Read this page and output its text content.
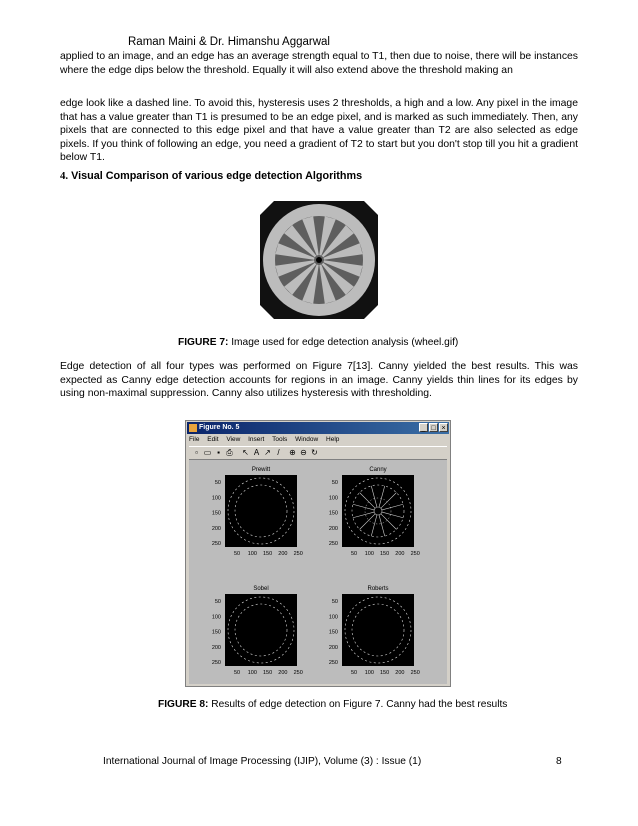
Raman Maini & Dr. Himanshu Aggarwal
applied to an image, and an edge has an average strength equal to T1, then due to noise, there will be instances where the edge dips below the threshold. Equally it will also extend above the threshold making an
edge look like a dashed line. To avoid this, hysteresis uses 2 thresholds, a high and a low. Any pixel in the image that has a value greater than T1 is presumed to be an edge pixel, and is marked as such immediately. Then, any pixels that are connected to this edge pixel and that have a value greater than T2 are also selected as edge pixels. If you think of following an edge, you need a gradient of T2 to start but you don't stop till you hit a gradient below T1.
4. Visual Comparison of various edge detection Algorithms
FIGURE 7: Image used for edge detection analysis (wheel.gif)
Edge detection of all four types was performed on Figure 7[13]. Canny yielded the best results. This was expected as Canny edge detection accounts for regions in an image. Canny yields thin lines for its edges by using non-maximal suppression. Canny also utilizes hysteresis with thresholding.
Figure No. 5	_ □ ×
File Edit View Insert Tools Window Help
▫ ▭ ▪ ⎙ ↖ A ↗ /	⊕ ⊖ ↻
Prewitt
50
100
150
200
250
50 100 150 200 250
Canny
50
100
150
200
250
50 100 150 200 250
Sobel
50
100
150
200
250
50 100 150 200 250
Roberts
50
100
150
200
250
50 100 150 200 250
FIGURE 8: Results of edge detection on Figure 7. Canny had the best results
International Journal of Image Processing (IJIP), Volume (3) : Issue (1)	8
